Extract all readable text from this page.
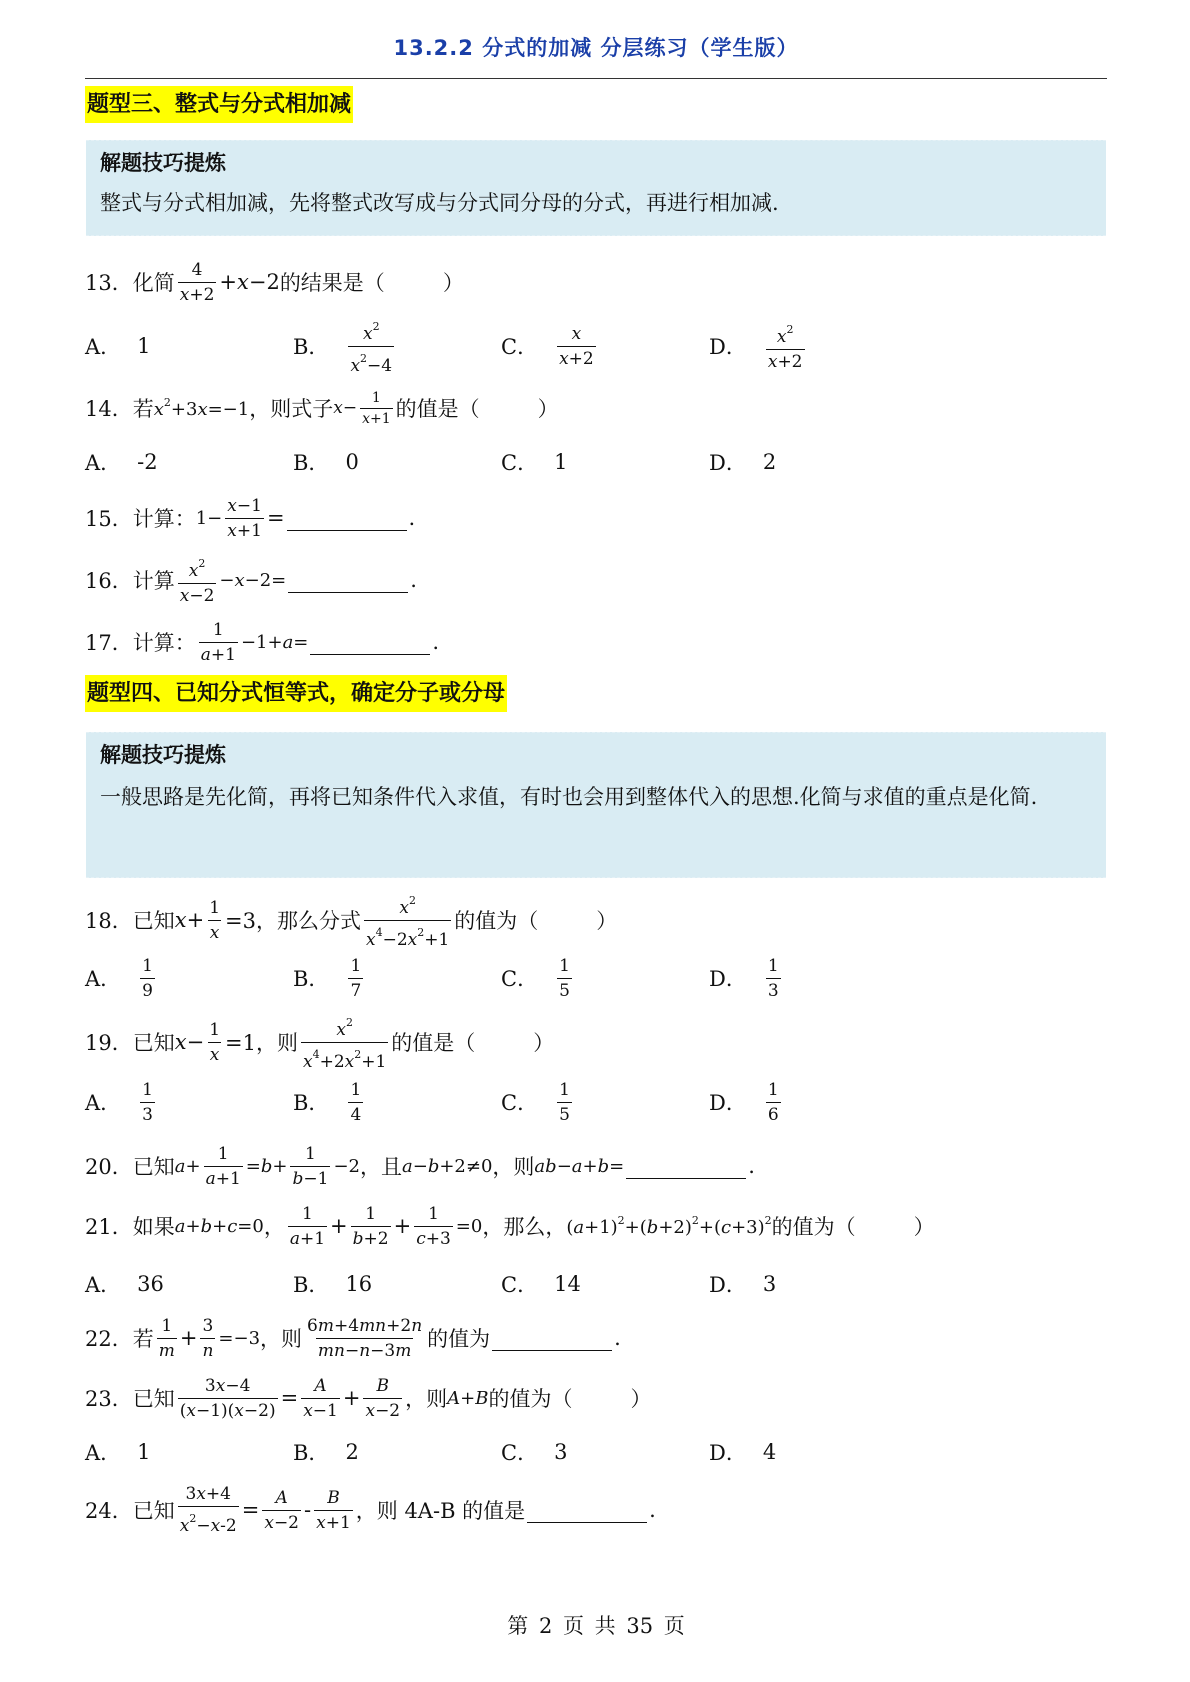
13.2.2 分式的加减 分层练习（学生版）
题型三、整式与分式相加减
解题技巧提炼
整式与分式相加减，先将整式改写成与分式同分母的分式，再进行相加减.
13． 化简 $\frac{4}{x+2} +x-2$ 的结果是（	）
A． 1	B． $\frac{x^2}{x^2-4}$	C． $\frac{x}{x+2}$	D． $\frac{x^2}{x+2}$
14． 若 $x^2+3x=-1$ ，则式子 $x - \frac{1}{x+1}$ 的值是（	）
A． -2	B． 0	C． 1	D． 2
15． 计算： $1- \frac{x-1}{x+1}$ =	.
16． 计算 $\frac{x^2}{x-2} -x-2=$	.
17． 计算： $\frac{1}{a+1} -1+a=$	.
题型四、已知分式恒等式，确定分子或分母
解题技巧提炼
一般思路是先化简，再将已知条件代入求值，有时也会用到整体代入的思想.化简与求值的重点是化简.
18． 已知 $x + \frac{1}{x} =3$，那么分式 $\frac{x^2}{x^4-2x^2+1}$ 的值为（	）
A． $\frac{1}{9}$	B． $\frac{1}{7}$	C． $\frac{1}{5}$	D． $\frac{1}{3}$
19． 已知 $x - \frac{1}{x} =1$，则 $\frac{x^2}{x^4+2x^2+1}$ 的值是（	）
A． $\frac{1}{3}$	B． $\frac{1}{4}$	C． $\frac{1}{5}$	D． $\frac{1}{6}$
20． 已知 $a+ \frac{1}{a+1} =b+ \frac{1}{b-1} -2$ ，且 a−b+2≠0 ，则 ab−a+b=	.
21． 如果 a+b+c=0 ， $\frac{1}{a+1} + \frac{1}{b+2} + \frac{1}{c+3} =0$ ，那么， $(a+1)^2+(b+2)^2+(c+3)^2$ 的值为（	）
A． 36	B． 16	C． 14	D． 3
22． 若 $\frac{1}{m} + \frac{3}{n} =-3$ ，则 $\frac{6m+4mn+2n}{mn-n-3m}$ 的值为	.
23． 已知 $\frac{3x-4}{(x-1)(x-2)} = \frac{A}{x-1} + \frac{B}{x-2}$ ，则 A+B 的值为（	）
A． 1	B． 2	C． 3	D． 4
24． 已知 $\frac{3x+4}{x^2-x-2} = \frac{A}{x-2} - \frac{B}{x+1}$ ，则 4A-B 的值是	.
第 2 页 共 35 页
